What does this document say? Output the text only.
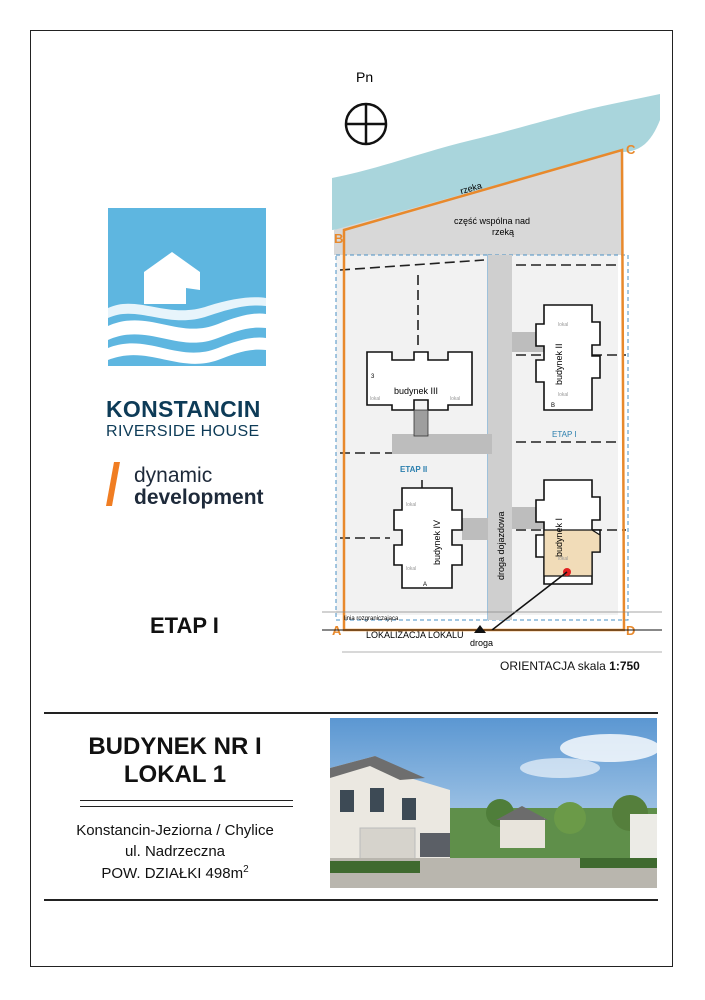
KONSTANCIN
RIVERSIDE HOUSE
dynamic
development
ETAP I
Pn
rzeka
część wspólna nad
rzeką
droga dojazdowa
A
B
C
D
budynek III
3
lokal	lokal
budynek II
lokal
lokal
B
ETAP I
ETAP II
budynek IV
lokal
lokal
A
budynek I
lokal
linia rozgraniczająca
LOKALIZACJA LOKALU
droga
ORIENTACJA skala 1:750
BUDYNEK NR I
LOKAL 1
Konstancin-Jeziorna / Chylice
ul. Nadrzeczna
POW. DZIAŁKI $498m^2$
